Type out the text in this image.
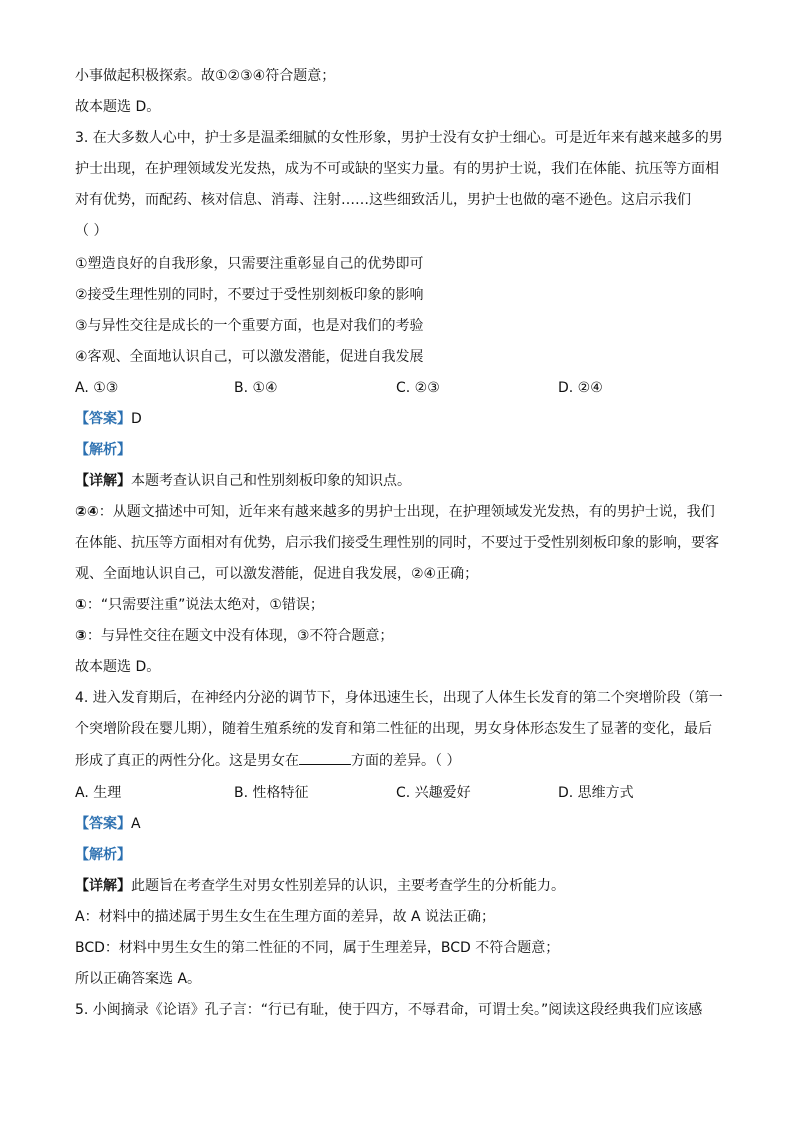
小事做起积极探索。故①②③④符合题意；
故本题选 D。
3. 在大多数人心中，护士多是温柔细腻的女性形象，男护士没有女护士细心。可是近年来有越来越多的男
护士出现，在护理领域发光发热，成为不可或缺的坚实力量。有的男护士说，我们在体能、抗压等方面相
对有优势，而配药、核对信息、消毒、注射……这些细致活儿，男护士也做的毫不逊色。这启示我们
（ ）
①塑造良好的自我形象，只需要注重彰显自己的优势即可
②接受生理性别的同时，不要过于受性别刻板印象的影响
③与异性交往是成长的一个重要方面，也是对我们的考验
④客观、全面地认识自己，可以激发潜能，促进自我发展
A. ①③	B. ①④	C. ②③	D. ②④
【答案】D
【解析】
【详解】本题考查认识自己和性别刻板印象的知识点。
②④：从题文描述中可知，近年来有越来越多的男护士出现，在护理领域发光发热，有的男护士说，我们
在体能、抗压等方面相对有优势，启示我们接受生理性别的同时，不要过于受性别刻板印象的影响，要客
观、全面地认识自己，可以激发潜能，促进自我发展，②④正确；
①：“只需要注重”说法太绝对，①错误；
③：与异性交往在题文中没有体现，③不符合题意；
故本题选 D。
4. 进入发育期后，在神经内分泌的调节下，身体迅速生长，出现了人体生长发育的第二个突增阶段（第一
个突增阶段在婴儿期），随着生殖系统的发育和第二性征的出现，男女身体形态发生了显著的变化，最后
形成了真正的两性分化。这是男女在	方面的差异。（ ）
A. 生理	B. 性格特征	C. 兴趣爱好	D. 思维方式
【答案】A
【解析】
【详解】此题旨在考查学生对男女性别差异的认识，主要考查学生的分析能力。
A：材料中的描述属于男生女生在生理方面的差异，故 A 说法正确；
BCD：材料中男生女生的第二性征的不同，属于生理差异，BCD 不符合题意；
所以正确答案选 A。
5. 小闽摘录《论语》孔子言：“行已有耻，使于四方，不辱君命，可谓士矣。”阅读这段经典我们应该感
